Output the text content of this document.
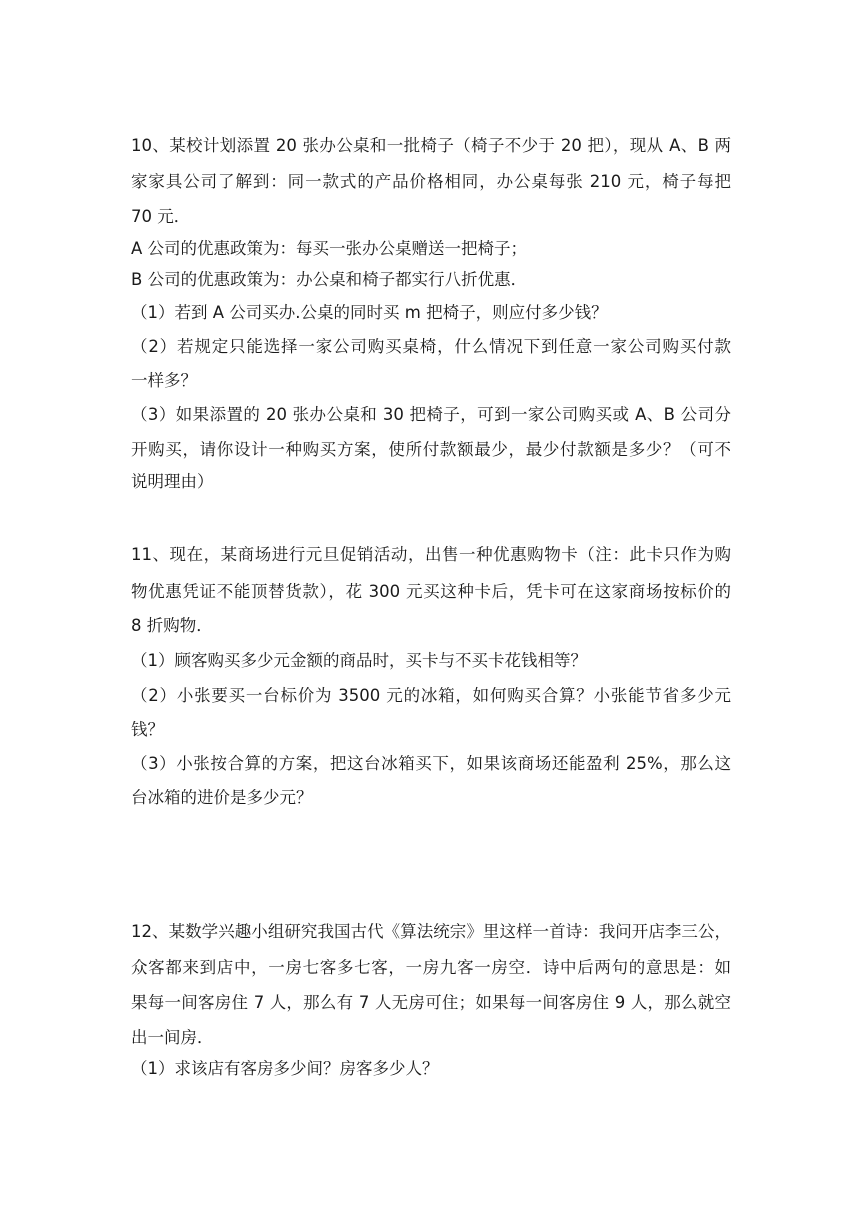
10、某校计划添置 20 张办公桌和一批椅子（椅子不少于 20 把），现从 A、B 两
家家具公司了解到：同一款式的产品价格相同，办公桌每张 210 元，椅子每把
70 元．
A 公司的优惠政策为：每买一张办公桌赠送一把椅子；
B 公司的优惠政策为：办公桌和椅子都实行八折优惠．
（1）若到 A 公司买办.公桌的同时买 m 把椅子，则应付多少钱？
（2）若规定只能选择一家公司购买桌椅，什么情况下到任意一家公司购买付款
一样多？
（3）如果添置的 20 张办公桌和 30 把椅子，可到一家公司购买或 A、B 公司分
开购买，请你设计一种购买方案，使所付款额最少，最少付款额是多少？（可不
说明理由）
11、现在，某商场进行元旦促销活动，出售一种优惠购物卡（注：此卡只作为购
物优惠凭证不能顶替货款），花 300 元买这种卡后，凭卡可在这家商场按标价的
8 折购物．
（1）顾客购买多少元金额的商品时，买卡与不买卡花钱相等？
（2）小张要买一台标价为 3500 元的冰箱，如何购买合算？小张能节省多少元
钱？
（3）小张按合算的方案，把这台冰箱买下，如果该商场还能盈利 25%，那么这
台冰箱的进价是多少元？
12、某数学兴趣小组研究我国古代《算法统宗》里这样一首诗：我问开店李三公，
众客都来到店中，一房七客多七客，一房九客一房空．诗中后两句的意思是：如
果每一间客房住 7 人，那么有 7 人无房可住；如果每一间客房住 9 人，那么就空
出一间房．
（1）求该店有客房多少间？房客多少人？
